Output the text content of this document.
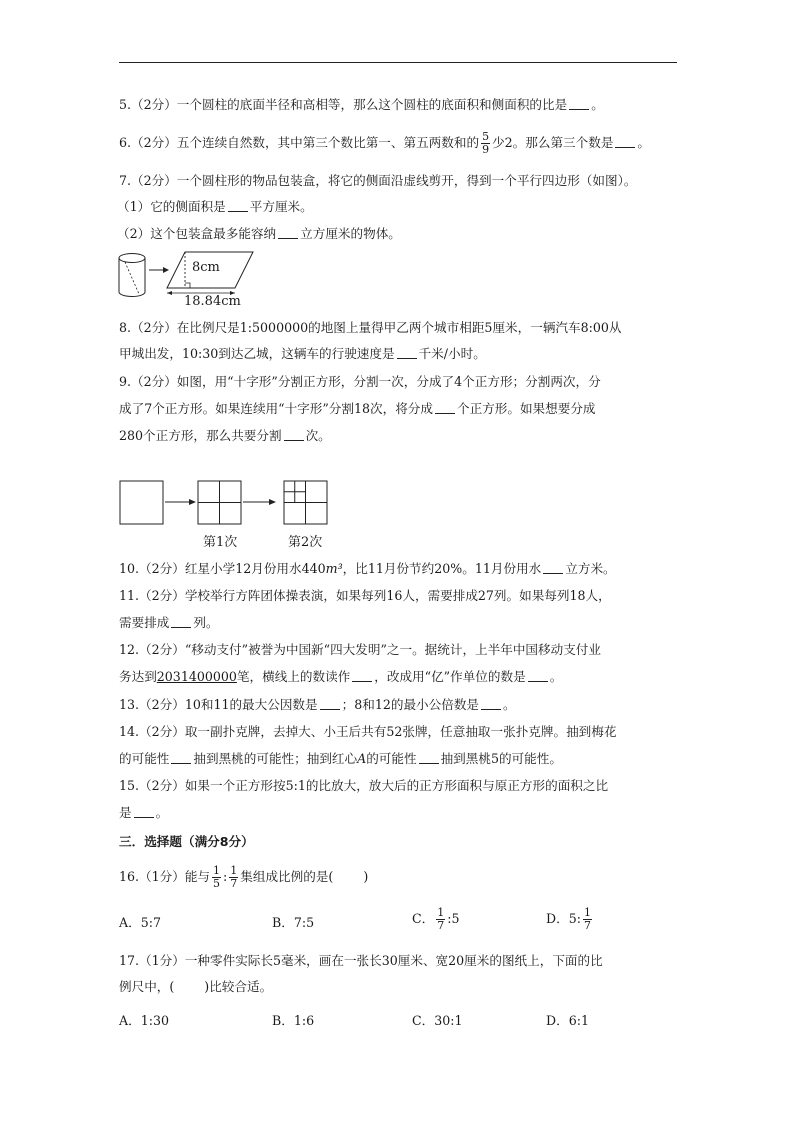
5.（2分）一个圆柱的底面半径和高相等，那么这个圆柱的底面积和侧面积的比是 。
6.（2分）五个连续自然数，其中第三个数比第一、第五两数和的 $\frac{5}{9}$ 少2。那么第三个数是 。
7.（2分）一个圆柱形的物品包装盒，将它的侧面沿虚线剪开，得到一个平行四边形（如图）。
（1）它的侧面积是 平方厘米。
（2）这个包装盒最多能容纳 立方厘米的物体。
8cm
18.84cm
8.（2分）在比例尺是1:5000000的地图上量得甲乙两个城市相距5厘米，一辆汽车8:00从
甲城出发，10:30到达乙城，这辆车的行驶速度是 千米/小时。
9.（2分）如图，用“十字形”分割正方形，分割一次，分成了4个正方形；分割两次，分
成了7个正方形。如果连续用“十字形”分割18次，将分成 个正方形。如果想要分成
280个正方形，那么共要分割 次。
第1次	第2次
10.（2分）红星小学12月份用水440m³，比11月份节约20%。11月份用水 立方米。
11.（2分）学校举行方阵团体操表演，如果每列16人，需要排成27列。如果每列18人，
需要排成 列。
12.（2分）“移动支付”被誉为中国新“四大发明”之一。据统计，上半年中国移动支付业
务达到2031400000笔，横线上的数读作 ，改成用“亿”作单位的数是 。
13.（2分）10和11的最大公因数是 ；8和12的最小公倍数是 。
14.（2分）取一副扑克牌，去掉大、小王后共有52张牌，任意抽取一张扑克牌。抽到梅花
的可能性 抽到黑桃的可能性；抽到红心A的可能性 抽到黑桃5的可能性。
15.（2分）如果一个正方形按5:1的比放大，放大后的正方形面积与原正方形的面积之比
是 。
三．选择题（满分8分）
16.（1分）能与 $\frac{1}{5}$ : $\frac{1}{7}$ 集组成比例的是( )
A．5:7	B．7:5	C． $\frac{1}{7}$ :5	D．5: $\frac{1}{7}$
17.（1分）一种零件实际长5毫米，画在一张长30厘米、宽20厘米的图纸上，下面的比
例尺中，( )比较合适。
A．1:30	B．1:6	C．30:1	D．6:1
